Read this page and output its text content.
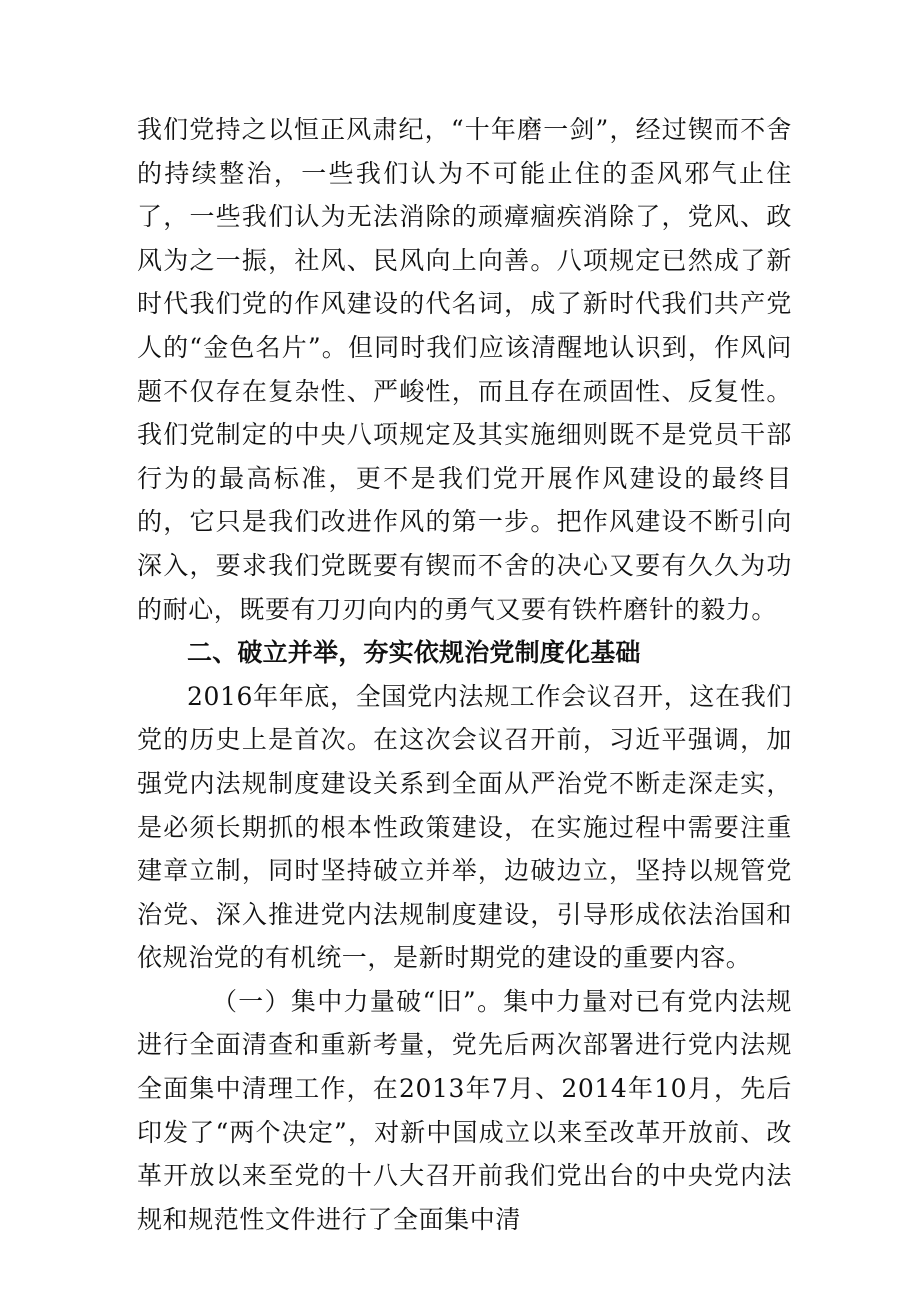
我们党持之以恒正风肃纪，“十年磨一剑”，经过锲而不舍的持续整治，一些我们认为不可能止住的歪风邪气止住了，一些我们认为无法消除的顽瘴痼疾消除了，党风、政风为之一振，社风、民风向上向善。八项规定已然成了新时代我们党的作风建设的代名词，成了新时代我们共产党人的“金色名片”。但同时我们应该清醒地认识到，作风问题不仅存在复杂性、严峻性，而且存在顽固性、反复性。我们党制定的中央八项规定及其实施细则既不是党员干部行为的最高标准，更不是我们党开展作风建设的最终目的，它只是我们改进作风的第一步。把作风建设不断引向深入，要求我们党既要有锲而不舍的决心又要有久久为功的耐心，既要有刀刃向内的勇气又要有铁杵磨针的毅力。

二、破立并举，夯实依规治党制度化基础

2016年年底，全国党内法规工作会议召开，这在我们党的历史上是首次。在这次会议召开前，习近平强调，加强党内法规制度建设关系到全面从严治党不断走深走实，是必须长期抓的根本性政策建设，在实施过程中需要注重建章立制，同时坚持破立并举，边破边立，坚持以规管党治党、深入推进党内法规制度建设，引导形成依法治国和依规治党的有机统一，是新时期党的建设的重要内容。

（一）集中力量破“旧”。集中力量对已有党内法规进行全面清查和重新考量，党先后两次部署进行党内法规全面集中清理工作，在2013年7月、2014年10月，先后印发了“两个决定”，对新中国成立以来至改革开放前、改革开放以来至党的十八大召开前我们党出台的中央党内法规和规范性文件进行了全面集中清
